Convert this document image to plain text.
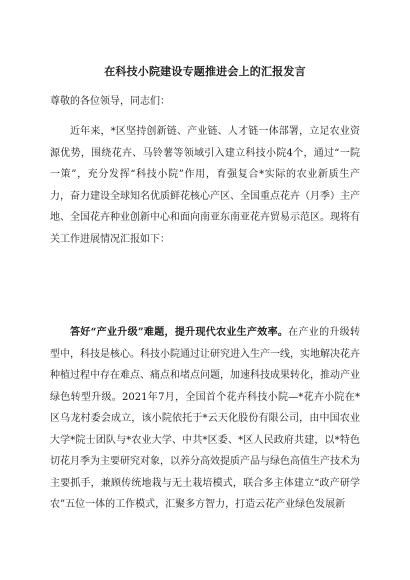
在科技小院建设专题推进会上的汇报发言
尊敬的各位领导，同志们：
近年来，*区坚持创新链、产业链、人才链一体部署，立足农业资源优势，围绕花卉、马铃薯等领域引入建立科技小院4个，通过“一院一策”，充分发挥“科技小院”作用，育强复合*实际的农业新质生产力，奋力建设全球知名优质鲜花核心产区、全国重点花卉（月季）主产地、全国花卉种业创新中心和面向南亚东南亚花卉贸易示范区。现将有关工作进展情况汇报如下：
答好“产业升级”难题，提升现代农业生产效率。在产业的升级转型中，科技是核心。科技小院通过让研究进入生产一线，实地解决花卉种植过程中存在难点、痛点和堵点问题，加速科技成果转化，推动产业绿色转型升级。2021年7月，全国首个花卉科技小院—*花卉小院在*区乌龙村委会成立，该小院依托于*云天化股份有限公司，由中国农业大学*院士团队与*农业大学、中共*区委、*区人民政府共建，以*特色切花月季为主要研究对象，以养分高效提质产品与绿色高值生产技术为主要抓手，兼顾传统地栽与无土栽培模式，联合多主体建立“政产研学农”五位一体的工作模式，汇聚多方智力，打造云花产业绿色发展新
